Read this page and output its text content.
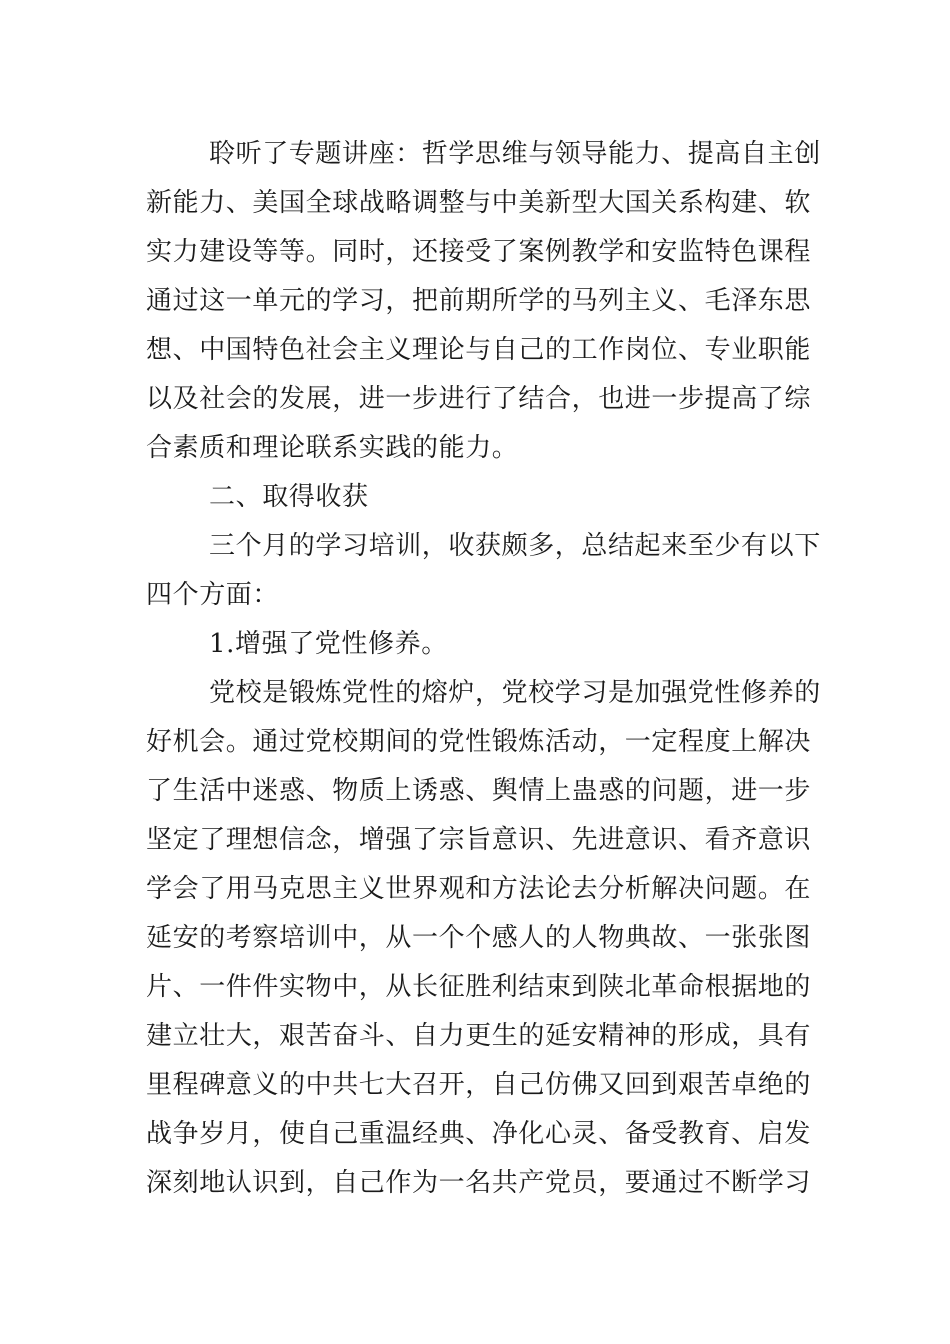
聆听了专题讲座：哲学思维与领导能力、提高自主创
新能力、美国全球战略调整与中美新型大国关系构建、软
实力建设等等。同时，还接受了案例教学和安监特色课程
通过这一单元的学习，把前期所学的马列主义、毛泽东思
想、中国特色社会主义理论与自己的工作岗位、专业职能
以及社会的发展，进一步进行了结合，也进一步提高了综
合素质和理论联系实践的能力。
二、取得收获
三个月的学习培训，收获颇多，总结起来至少有以下
四个方面：
1.增强了党性修养。
党校是锻炼党性的熔炉，党校学习是加强党性修养的
好机会。通过党校期间的党性锻炼活动，一定程度上解决
了生活中迷惑、物质上诱惑、舆情上蛊惑的问题，进一步
坚定了理想信念，增强了宗旨意识、先进意识、看齐意识
学会了用马克思主义世界观和方法论去分析解决问题。在
延安的考察培训中，从一个个感人的人物典故、一张张图
片、一件件实物中，从长征胜利结束到陕北革命根据地的
建立壮大，艰苦奋斗、自力更生的延安精神的形成，具有
里程碑意义的中共七大召开，自己仿佛又回到艰苦卓绝的
战争岁月，使自己重温经典、净化心灵、备受教育、启发
深刻地认识到，自己作为一名共产党员，要通过不断学习
